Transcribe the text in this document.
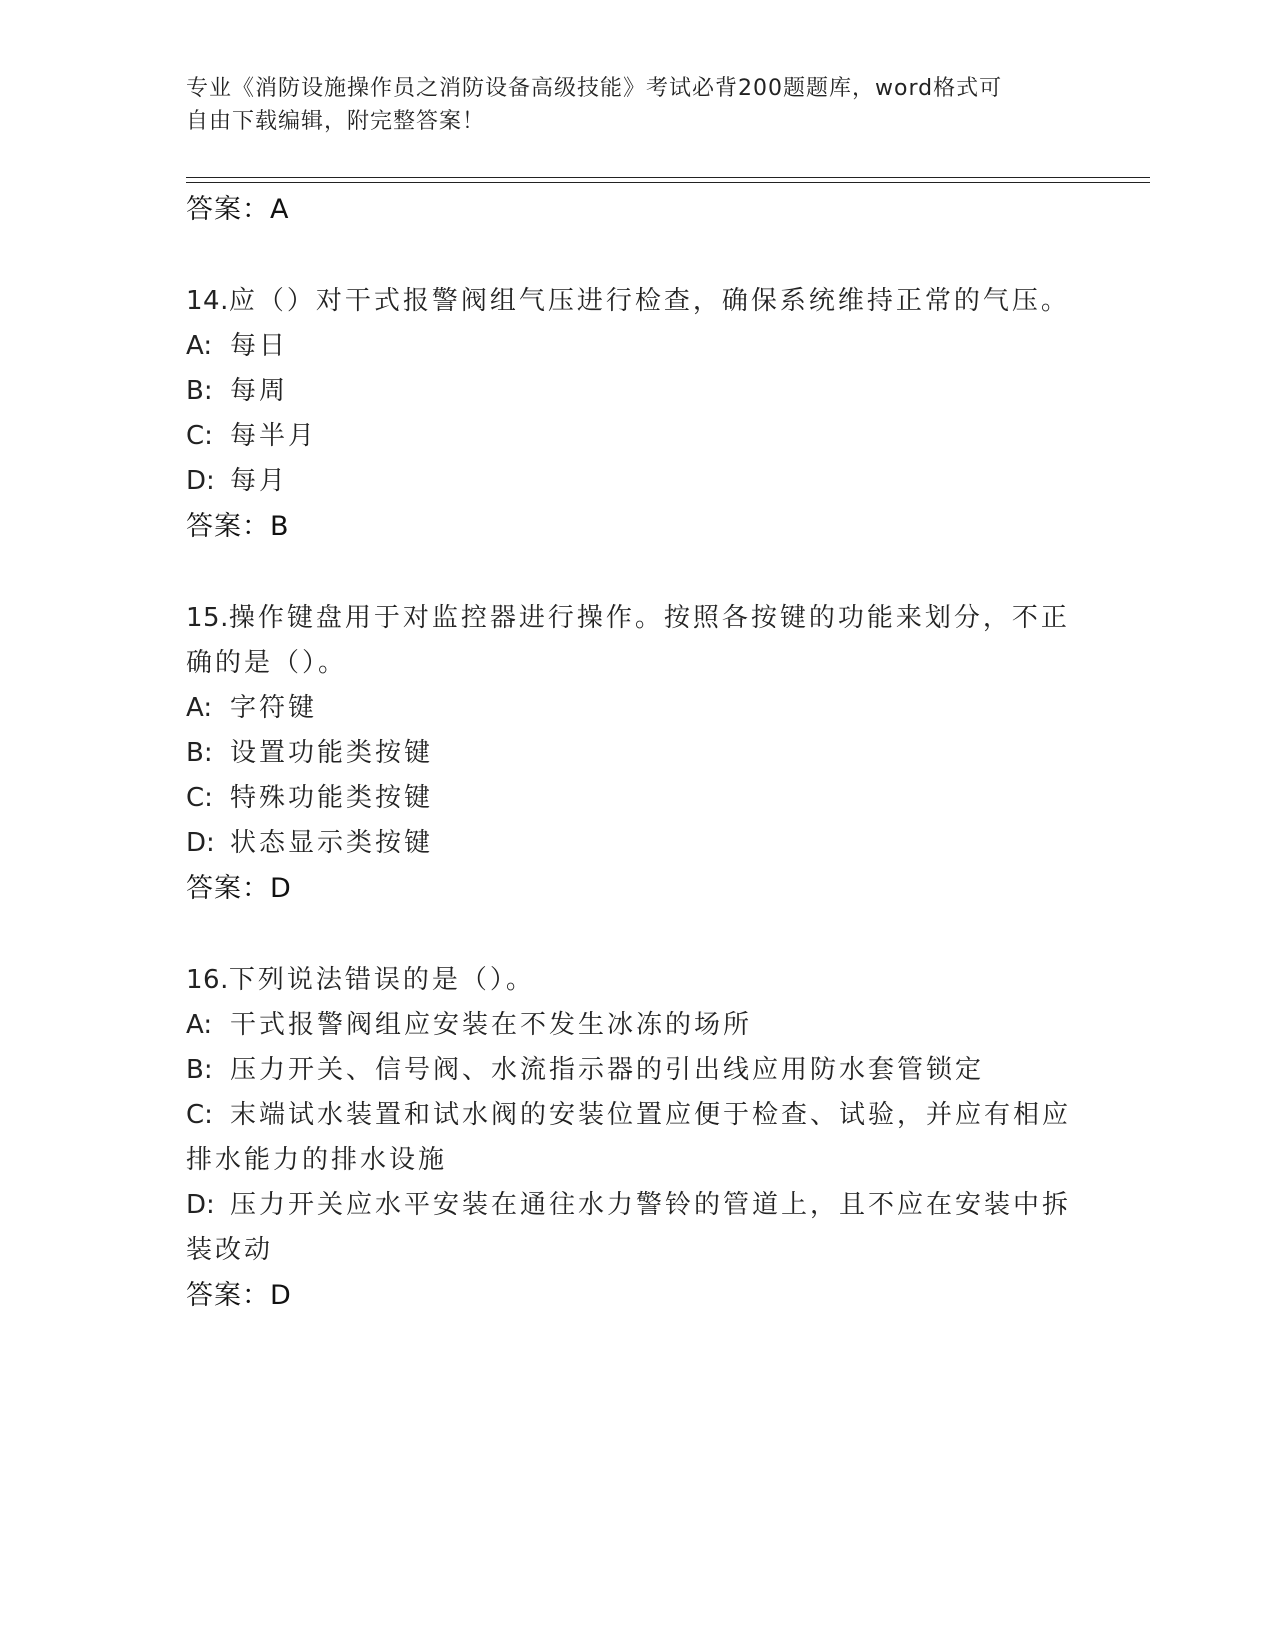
专业《消防设施操作员之消防设备高级技能》考试必背200题题库，word格式可
自由下载编辑，附完整答案！

答案：A

14.应（）对干式报警阀组气压进行检查，确保系统维持正常的气压。

A: 每日

B: 每周

C: 每半月

D: 每月

答案：B

15.操作键盘用于对监控器进行操作。按照各按键的功能来划分，不正确的是（）。

A: 字符键

B: 设置功能类按键

C: 特殊功能类按键

D: 状态显示类按键

答案：D

16.下列说法错误的是（）。

A: 干式报警阀组应安装在不发生冰冻的场所

B: 压力开关、信号阀、水流指示器的引出线应用防水套管锁定

C: 末端试水装置和试水阀的安装位置应便于检查、试验，并应有相应排水能力的排水设施

D: 压力开关应水平安装在通往水力警铃的管道上，且不应在安装中拆装改动

答案：D
